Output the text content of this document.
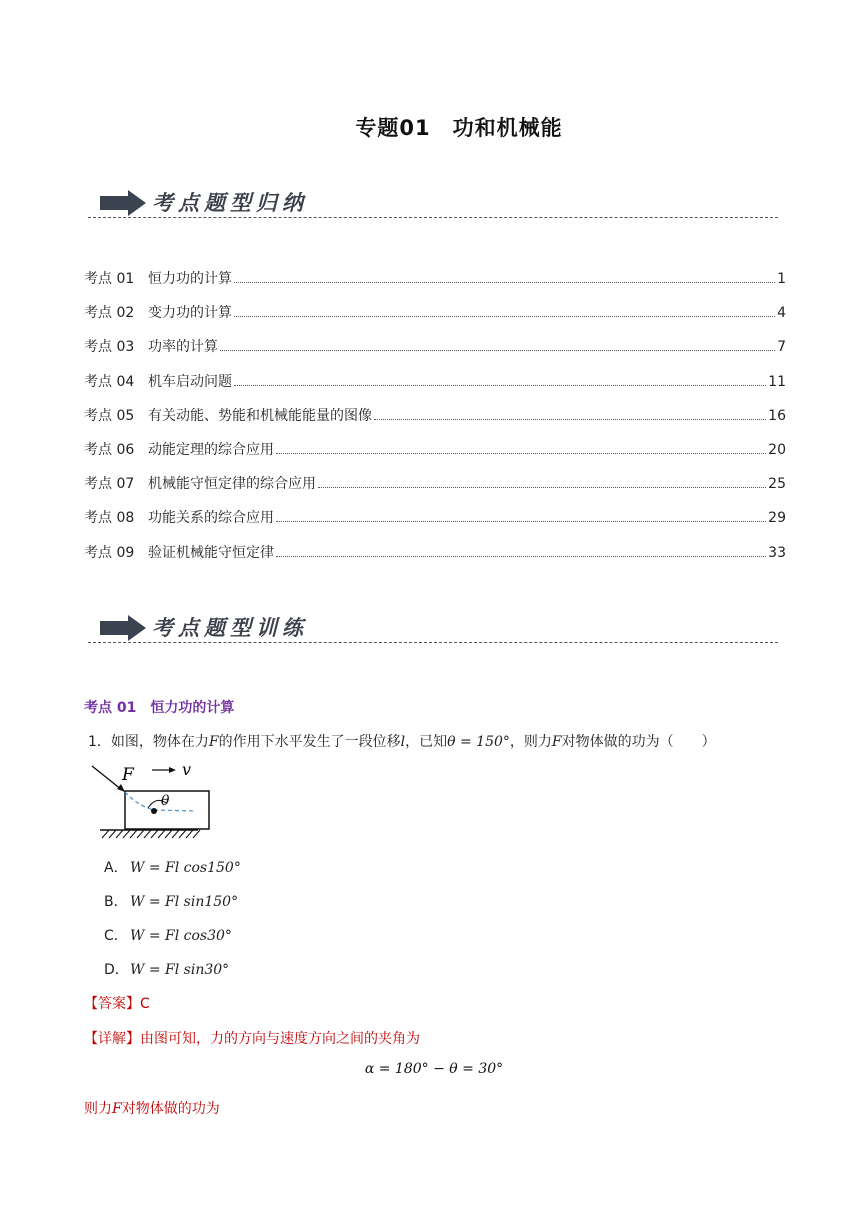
专题01 功和机械能
考点题型归纳
考点 01 恒力功的计算	1
考点 02 变力功的计算	4
考点 03 功率的计算	7
考点 04 机车启动问题	11
考点 05 有关动能、势能和机械能能量的图像	16
考点 06 动能定理的综合应用	20
考点 07 机械能守恒定律的综合应用	25
考点 08 功能关系的综合应用	29
考点 09 验证机械能守恒定律	33
考点题型训练
考点 01 恒力功的计算
1．如图，物体在力F的作用下水平发生了一段位移l，已知θ = 150°，则力F对物体做的功为（　　）
F	v
θ
A． W = Fl cos150°
B． W = Fl sin150°
C． W = Fl cos30°
D．W = Fl sin30°
【答案】C
【详解】由图可知，力的方向与速度方向之间的夹角为
α = 180° − θ = 30°
则力F对物体做的功为
